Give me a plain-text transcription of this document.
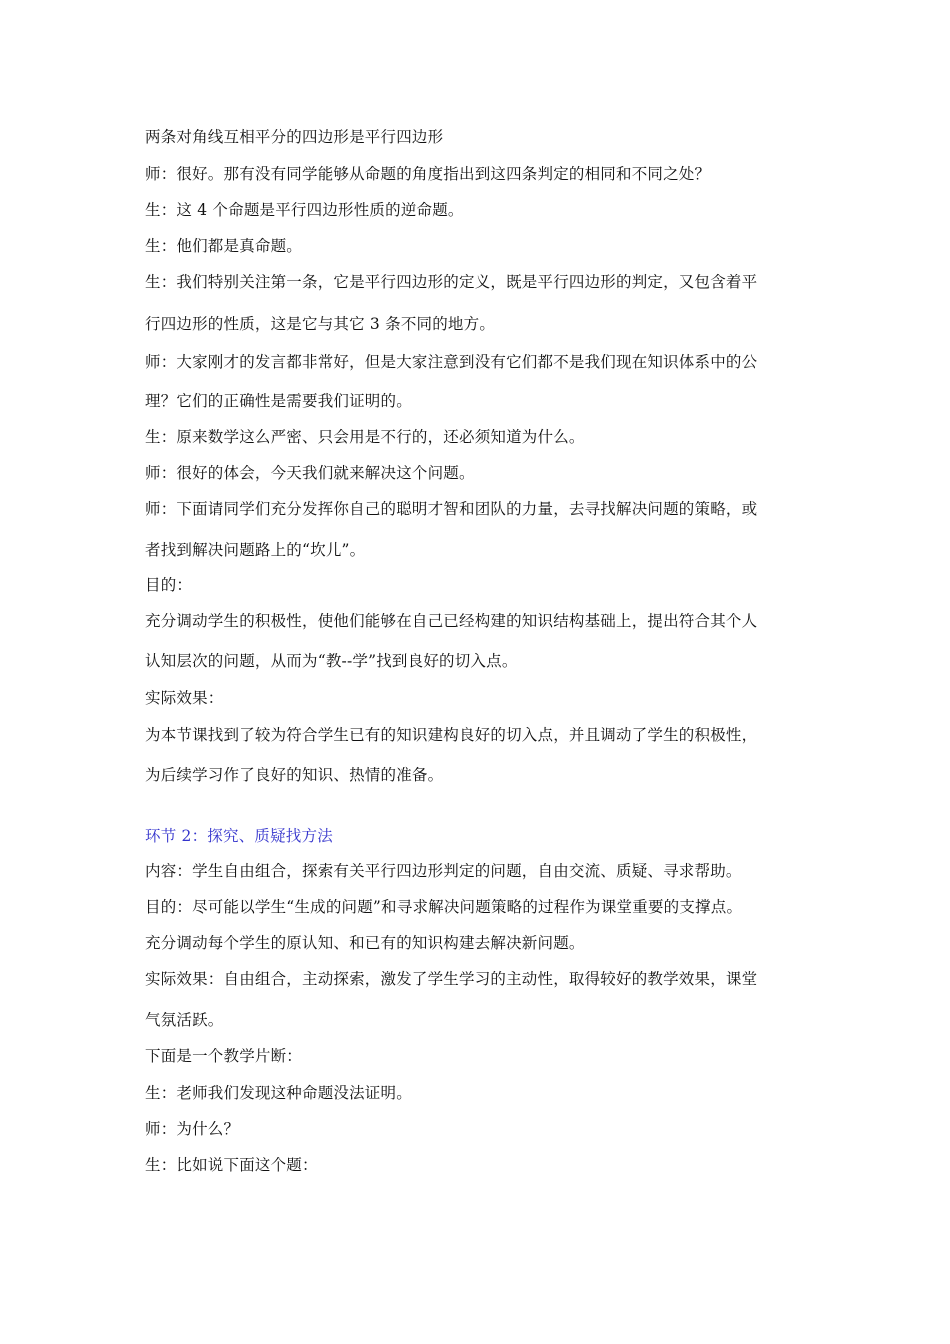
两条对角线互相平分的四边形是平行四边形
师：很好。那有没有同学能够从命题的角度指出到这四条判定的相同和不同之处？
生：这 4 个命题是平行四边形性质的逆命题。
生：他们都是真命题。
生：我们特别关注第一条，它是平行四边形的定义，既是平行四边形的判定，又包含着平
行四边形的性质，这是它与其它 3 条不同的地方。
师：大家刚才的发言都非常好，但是大家注意到没有它们都不是我们现在知识体系中的公
理？它们的正确性是需要我们证明的。
生：原来数学这么严密、只会用是不行的，还必须知道为什么。
师：很好的体会，今天我们就来解决这个问题。
师：下面请同学们充分发挥你自己的聪明才智和团队的力量，去寻找解决问题的策略，或
者找到解决问题路上的“坎儿”。
目的：
充分调动学生的积极性，使他们能够在自己已经构建的知识结构基础上，提出符合其个人
认知层次的问题，从而为“教--学”找到良好的切入点。
实际效果：
为本节课找到了较为符合学生已有的知识建构良好的切入点，并且调动了学生的积极性，
为后续学习作了良好的知识、热情的准备。
环节 2：探究、质疑找方法
内容：学生自由组合，探索有关平行四边形判定的问题，自由交流、质疑、寻求帮助。
目的：尽可能以学生“生成的问题”和寻求解决问题策略的过程作为课堂重要的支撑点。
充分调动每个学生的原认知、和已有的知识构建去解决新问题。
实际效果：自由组合，主动探索，激发了学生学习的主动性，取得较好的教学效果，课堂
气氛活跃。
下面是一个教学片断：
生：老师我们发现这种命题没法证明。
师：为什么？
生：比如说下面这个题：
